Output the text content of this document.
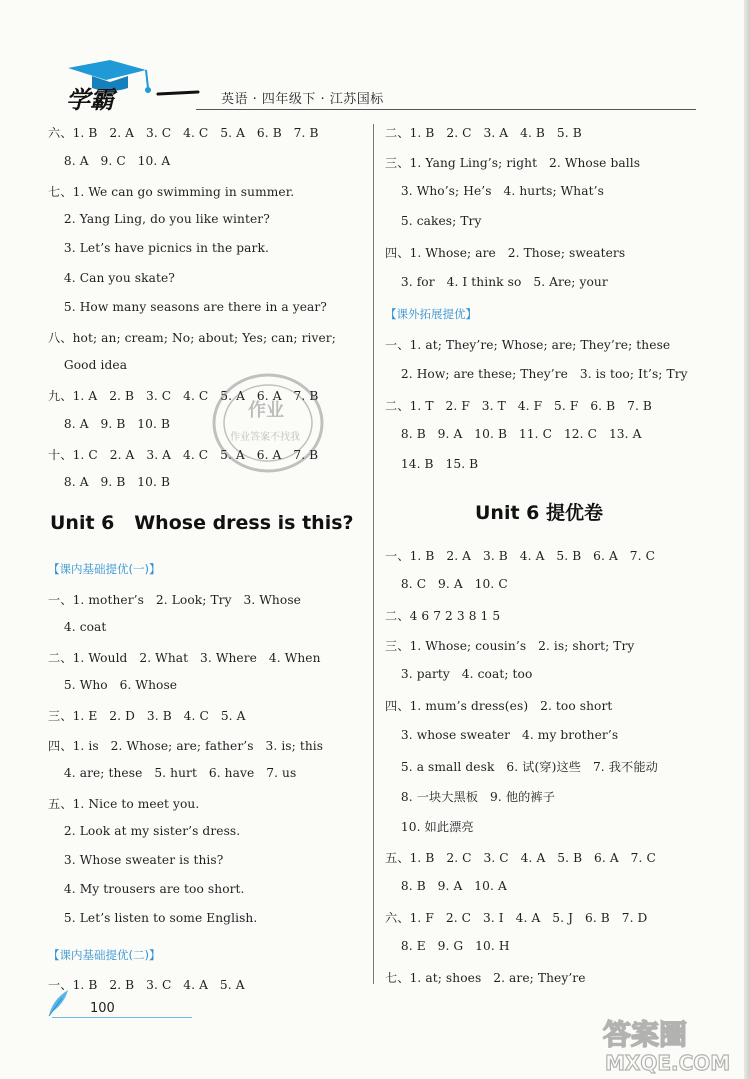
学霸	英语 · 四年级下 · 江苏国标
六、1. B   2. A   3. C   4. C   5. A   6. B   7. B
8. A   9. C   10. A
七、1. We can go swimming in summer.
2. Yang Ling, do you like winter?
3. Let’s have picnics in the park.
4. Can you skate?
5. How many seasons are there in a year?
八、hot; an; cream; No; about; Yes; can; river;
Good idea
九、1. A   2. B   3. C   4. C   5. A   6. A   7. B
8. A   9. B   10. B
十、1. C   2. A   3. A   4. C   5. A   6. A   7. B
8. A   9. B   10. B
Unit 6   Whose dress is this?
【课内基础提优(一)】
一、1. mother’s   2. Look; Try   3. Whose
4. coat
二、1. Would   2. What   3. Where   4. When
5. Who   6. Whose
三、1. E   2. D   3. B   4. C   5. A
四、1. is   2. Whose; are; father’s   3. is; this
4. are; these   5. hurt   6. have   7. us
五、1. Nice to meet you.
2. Look at my sister’s dress.
3. Whose sweater is this?
4. My trousers are too short.
5. Let’s listen to some English.
【课内基础提优(二)】
一、1. B   2. B   3. C   4. A   5. A
二、1. B   2. C   3. A   4. B   5. B
三、1. Yang Ling’s; right   2. Whose balls
3. Who’s; He’s   4. hurts; What’s
5. cakes; Try
四、1. Whose; are   2. Those; sweaters
3. for   4. I think so   5. Are; your
【课外拓展提优】
一、1. at; They’re; Whose; are; They’re; these
2. How; are these; They’re   3. is too; It’s; Try
二、1. T   2. F   3. T   4. F   5. F   6. B   7. B
8. B   9. A   10. B   11. C   12. C   13. A
14. B   15. B
Unit 6 提优卷
一、1. B   2. A   3. B   4. A   5. B   6. A   7. C
8. C   9. A   10. C
二、4 6 7 2 3 8 1 5
三、1. Whose; cousin’s   2. is; short; Try
3. party   4. coat; too
四、1. mum’s dress(es)   2. too short
3. whose sweater   4. my brother’s
5. a small desk   6. 试(穿)这些   7. 我不能动
8. 一块大黑板   9. 他的裤子
10. 如此漂亮
五、1. B   2. C   3. C   4. A   5. B   6. A   7. C
8. B   9. A   10. A
六、1. F   2. C   3. I   4. A   5. J   6. B   7. D
8. E   9. G   10. H
七、1. at; shoes   2. are; They’re
作业
作业答案不找我
100
答案圈
MXQE.COM
